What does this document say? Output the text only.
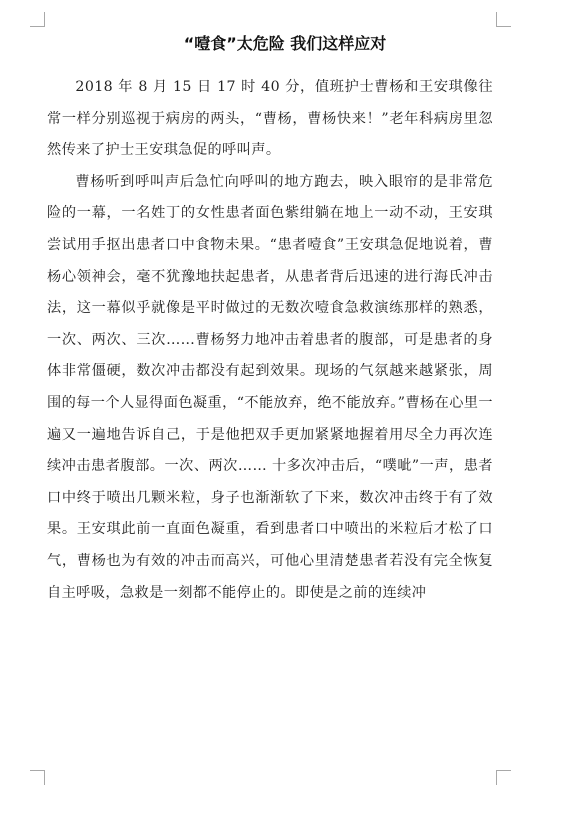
“噎食”太危险 我们这样应对

2018 年 8 月 15 日 17 时 40 分，值班护士曹杨和王安琪像往常一样分别巡视于病房的两头，“曹杨，曹杨快来！”老年科病房里忽然传来了护士王安琪急促的呼叫声。

曹杨听到呼叫声后急忙向呼叫的地方跑去，映入眼帘的是非常危险的一幕，一名姓丁的女性患者面色紫绀躺在地上一动不动，王安琪尝试用手抠出患者口中食物未果。“患者噎食”王安琪急促地说着，曹杨心领神会，毫不犹豫地扶起患者，从患者背后迅速的进行海氏冲击法，这一幕似乎就像是平时做过的无数次噎食急救演练那样的熟悉，一次、两次、三次……曹杨努力地冲击着患者的腹部，可是患者的身体非常僵硬，数次冲击都没有起到效果。现场的气氛越来越紧张，周围的每一个人显得面色凝重，“不能放弃，绝不能放弃。”曹杨在心里一遍又一遍地告诉自己，于是他把双手更加紧紧地握着用尽全力再次连续冲击患者腹部。一次、两次…… 十多次冲击后，“噗呲”一声，患者口中终于喷出几颗米粒，身子也渐渐软了下来，数次冲击终于有了效果。王安琪此前一直面色凝重，看到患者口中喷出的米粒后才松了口气，曹杨也为有效的冲击而高兴，可他心里清楚患者若没有完全恢复自主呼吸，急救是一刻都不能停止的。即使是之前的连续冲
